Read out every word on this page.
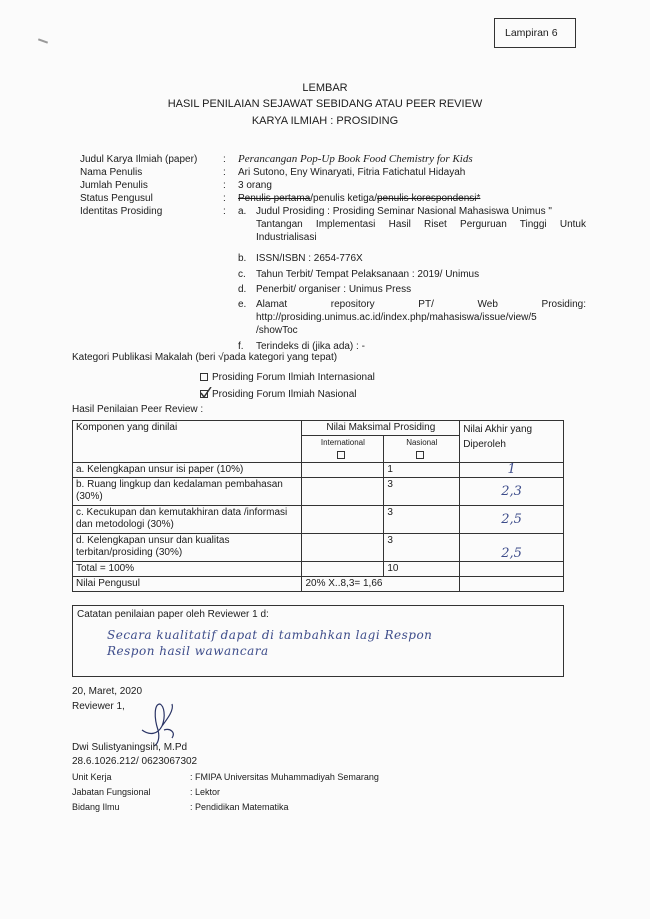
Lampiran 6
LEMBAR
HASIL PENILAIAN SEJAWAT SEBIDANG ATAU PEER REVIEW
KARYA ILMIAH : PROSIDING
Judul Karya Ilmiah (paper)	: Perancangan Pop-Up Book Food Chemistry for Kids
Nama Penulis	: Ari Sutono, Eny Winaryati, Fitria Fatichatul Hidayah
Jumlah Penulis	: 3 orang
Status Pengusul	: Penulis pertama/penulis ketiga/penulis korespondensi*
Identitas Prosiding	: a. Judul Prosiding : Prosiding Seminar Nasional Mahasiswa Unimus "
Tantangan Implementasi Hasil Riset Perguruan Tinggi Untuk
Industrialisasi
b. ISSN/ISBN : 2654-776X
c. Tahun Terbit/ Tempat Pelaksanaan : 2019/ Unimus
d. Penerbit/ organiser : Unimus Press
e. Alamat repository PT/ Web Prosiding:
http://prosiding.unimus.ac.id/index.php/mahasiswa/issue/view/5
/showToc
f. Terindeks di (jika ada) : -
Kategori Publikasi Makalah (beri √pada kategori yang tepat)
Prosiding Forum Ilmiah Internasional
Prosiding Forum Ilmiah Nasional
Hasil Penilaian Peer Review :
Komponen yang dinilai	Nilai Maksimal Prosiding		Nilai Akhir yang Diperoleh

	International	Nasional	

a. Kelengkapan unsur isi paper (10%)		1	1
b. Ruang lingkup dan kedalaman pembahasan (30%)		3	2,3
c. Kecukupan dan kemutakhiran data /informasi dan metodologi (30%)		3	2,5
d. Kelengkapan unsur dan kualitas terbitan/prosiding (30%)		3	2,5
Total = 100%		10	
Nilai Pengusul	20% X..8,3= 1,66		
Catatan penilaian paper oleh Reviewer 1 d:
Secara kualitatif dapat di tambahkan lagi Respon
Respon hasil wawancara
20, Maret, 2020
Reviewer 1,
Dwi Sulistyaningsih, M.Pd
28.6.1026.212/ 0623067302
Unit Kerja	: FMIPA Universitas Muhammadiyah Semarang
Jabatan Fungsional	: Lektor
Bidang Ilmu	: Pendidikan Matematika
